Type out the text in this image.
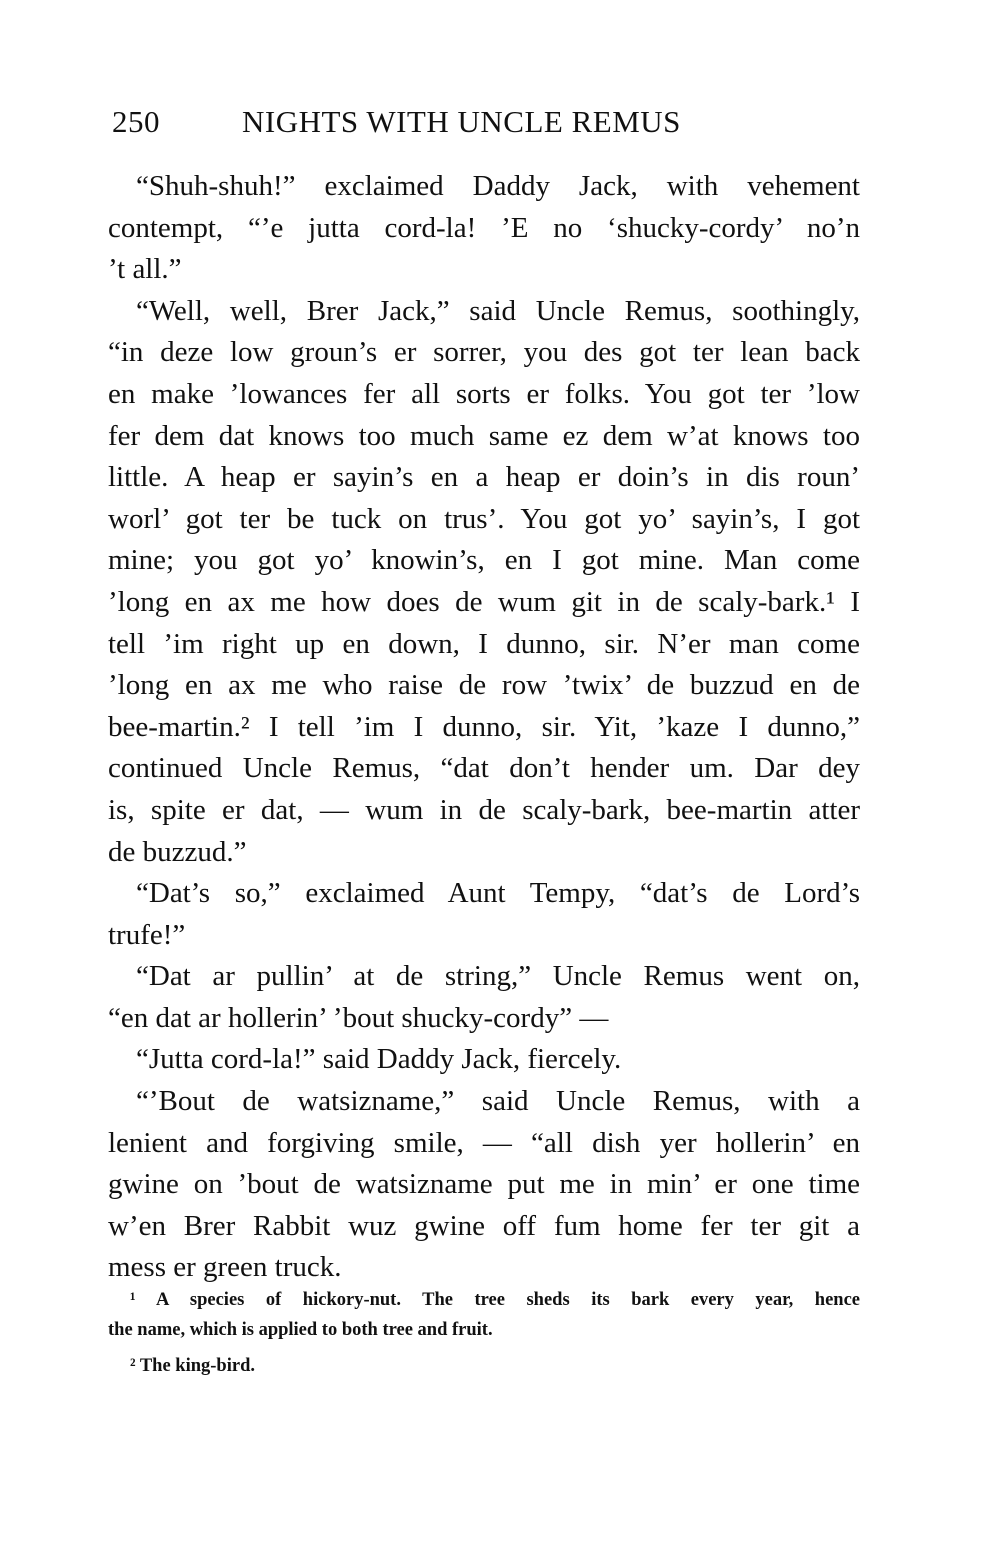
250	NIGHTS WITH UNCLE REMUS
“Shuh-shuh!” exclaimed Daddy Jack, with vehement
contempt, “’e jutta cord-la! ’E no ‘shucky-cordy’ no’n
’t all.”
“Well, well, Brer Jack,” said Uncle Remus, soothingly,
“in deze low groun’s er sorrer, you des got ter lean back
en make ’lowances fer all sorts er folks. You got ter ’low
fer dem dat knows too much same ez dem w’at knows too
little. A heap er sayin’s en a heap er doin’s in dis roun’
worl’ got ter be tuck on trus’. You got yo’ sayin’s, I got
mine; you got yo’ knowin’s, en I got mine. Man come
’long en ax me how does de wum git in de scaly-bark.¹ I
tell ’im right up en down, I dunno, sir. N’er man come
’long en ax me who raise de row ’twix’ de buzzud en de
bee-martin.² I tell ’im I dunno, sir. Yit, ’kaze I dunno,”
continued Uncle Remus, “dat don’t hender um. Dar dey
is, spite er dat, — wum in de scaly-bark, bee-martin atter
de buzzud.”
“Dat’s so,” exclaimed Aunt Tempy, “dat’s de Lord’s
trufe!”
“Dat ar pullin’ at de string,” Uncle Remus went on,
“en dat ar hollerin’ ’bout shucky-cordy” —
“Jutta cord-la!” said Daddy Jack, fiercely.
“’Bout de watsizname,” said Uncle Remus, with a
lenient and forgiving smile, — “all dish yer hollerin’ en
gwine on ’bout de watsizname put me in min’ er one time
w’en Brer Rabbit wuz gwine off fum home fer ter git a
mess er green truck.
¹ A species of hickory-nut. The tree sheds its bark every year, hence
the name, which is applied to both tree and fruit.
² The king-bird.
